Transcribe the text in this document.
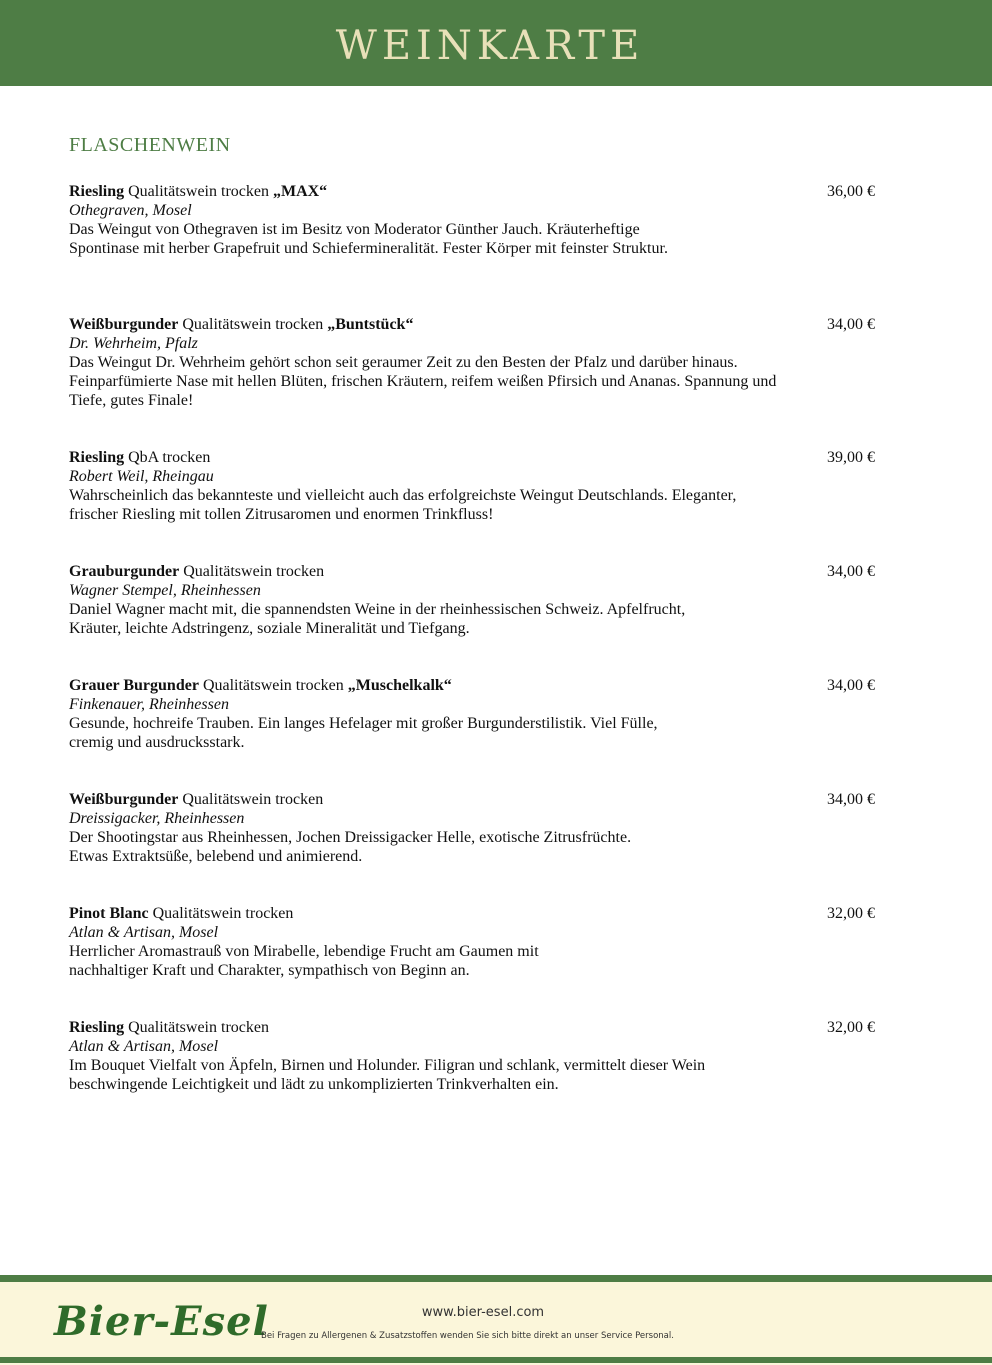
WEINKARTE
FLASCHENWEIN
Riesling Qualitätswein trocken „MAX“	36,00 €
Othegraven, Mosel
Das Weingut von Othegraven ist im Besitz von Moderator Günther Jauch. Kräuterheftige Spontinase mit herber Grapefruit und Schiefermineralität. Fester Körper mit feinster Struktur.
Weißburgunder Qualitätswein trocken „Buntstück“	34,00 €
Dr. Wehrheim, Pfalz
Das Weingut Dr. Wehrheim gehört schon seit geraumer Zeit zu den Besten der Pfalz und darüber hinaus. Feinparfümierte Nase mit hellen Blüten, frischen Kräutern, reifem weißen Pfirsich und Ananas. Spannung und Tiefe, gutes Finale!
Riesling QbA trocken	39,00 €
Robert Weil, Rheingau
Wahrscheinlich das bekannteste und vielleicht auch das erfolgreichste Weingut Deutschlands. Eleganter, frischer Riesling mit tollen Zitrusaromen und enormen Trinkfluss!
Grauburgunder Qualitätswein trocken	34,00 €
Wagner Stempel, Rheinhessen
Daniel Wagner macht mit, die spannendsten Weine in der rheinhessischen Schweiz. Apfelfrucht, Kräuter, leichte Adstringenz, soziale Mineralität und Tiefgang.
Grauer Burgunder Qualitätswein trocken „Muschelkalk“	34,00 €
Finkenauer, Rheinhessen
Gesunde, hochreife Trauben. Ein langes Hefelager mit großer Burgunderstilistik. Viel Fülle, cremig und ausdrucksstark.
Weißburgunder Qualitätswein trocken	34,00 €
Dreissigacker, Rheinhessen
Der Shootingstar aus Rheinhessen, Jochen Dreissigacker Helle, exotische Zitrusfrüchte. Etwas Extraktsüße, belebend und animierend.
Pinot Blanc Qualitätswein trocken	32,00 €
Atlan & Artisan, Mosel
Herrlicher Aromastrauß von Mirabelle, lebendige Frucht am Gaumen mit nachhaltiger Kraft und Charakter, sympathisch von Beginn an.
Riesling Qualitätswein trocken	32,00 €
Atlan & Artisan, Mosel
Im Bouquet Vielfalt von Äpfeln, Birnen und Holunder. Filigran und schlank, vermittelt dieser Wein beschwingende Leichtigkeit und lädt zu unkomplizierten Trinkverhalten ein.
Bier-Esel	www.bier-esel.com
Bei Fragen zu Allergenen & Zusatzstoffen wenden Sie sich bitte direkt an unser Service Personal.
